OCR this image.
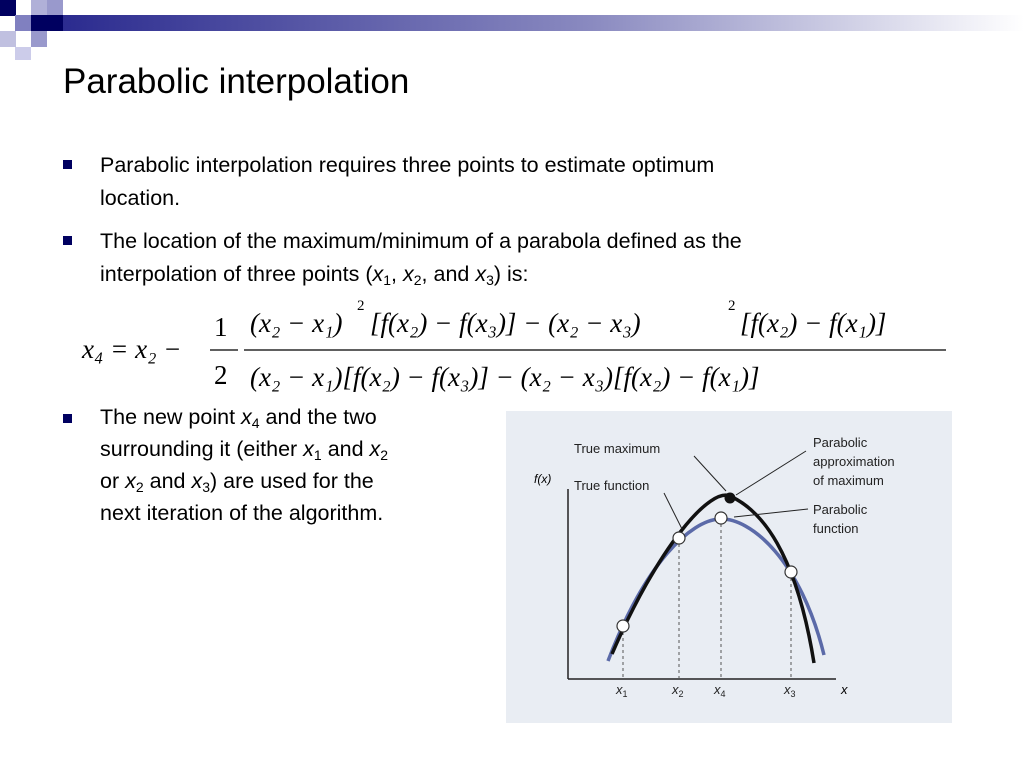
Parabolic interpolation
Parabolic interpolation requires three points to estimate optimum
location.
The location of the maximum/minimum of a parabola defined as the
interpolation of three points ($x_1$, $x_2$, and $x_3$) is:
x₄ = x₂ −
1
2
(x₂ − x₁)
2
[f(x₂) − f(x₃)] − (x₂ − x₃)
2
[f(x₂) − f(x₁)]
(x₂ − x₁)[f(x₂) − f(x₃)] − (x₂ − x₃)[f(x₂) − f(x₁)]
The new point $x_4$ and the two
surrounding it (either $x_1$ and $x_2$
or $x_2$ and $x_3$) are used for the
next iteration of the algorithm.
f(x)
x
True maximum
True function
Parabolic
approximation
of maximum
Parabolic
function
$x_1$	$x_2$ $x_4$	$x_3$
